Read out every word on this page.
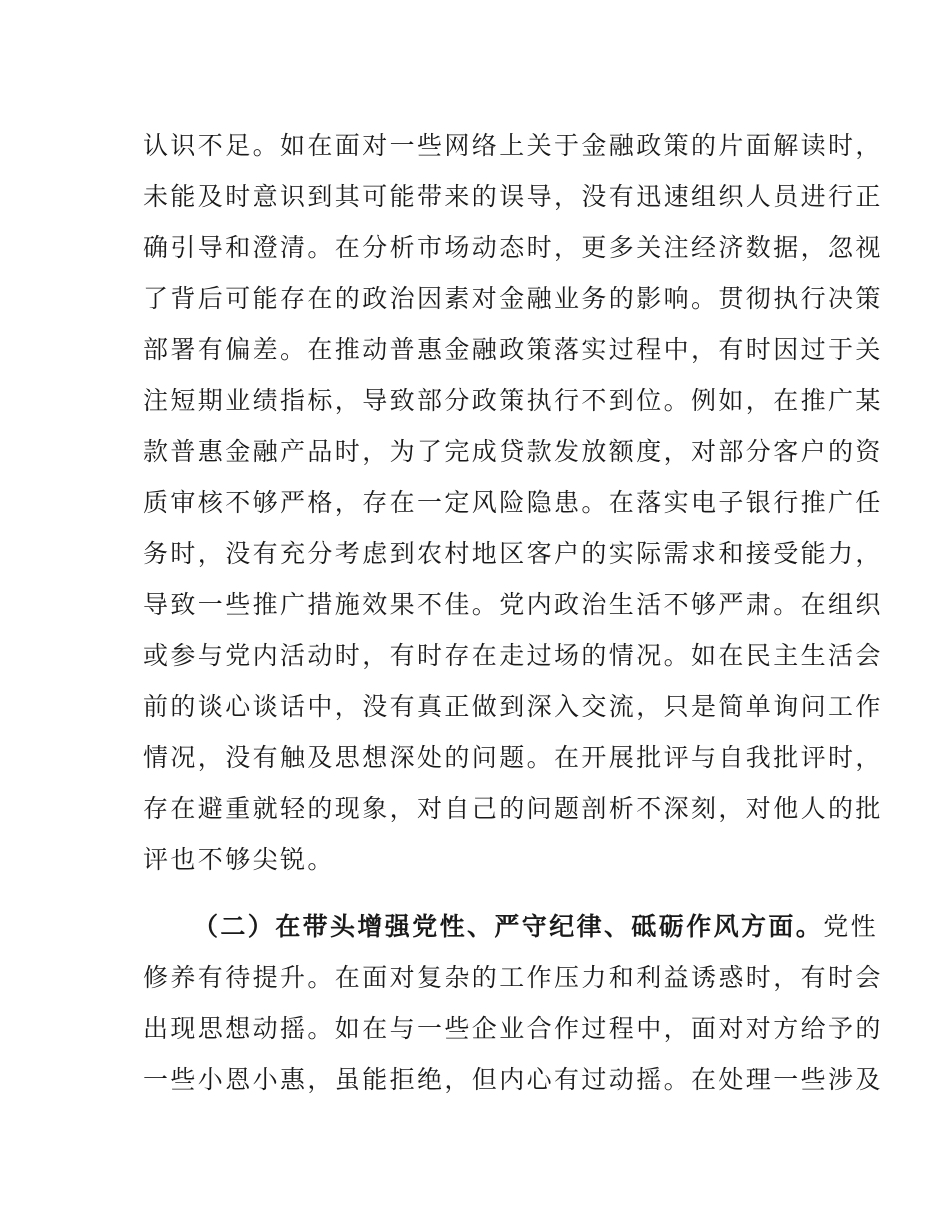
认识不足。如在面对一些网络上关于金融政策的片面解读时，
未能及时意识到其可能带来的误导，没有迅速组织人员进行正
确引导和澄清。在分析市场动态时，更多关注经济数据，忽视
了背后可能存在的政治因素对金融业务的影响。贯彻执行决策
部署有偏差。在推动普惠金融政策落实过程中，有时因过于关
注短期业绩指标，导致部分政策执行不到位。例如，在推广某
款普惠金融产品时，为了完成贷款发放额度，对部分客户的资
质审核不够严格，存在一定风险隐患。在落实电子银行推广任
务时，没有充分考虑到农村地区客户的实际需求和接受能力，
导致一些推广措施效果不佳。党内政治生活不够严肃。在组织
或参与党内活动时，有时存在走过场的情况。如在民主生活会
前的谈心谈话中，没有真正做到深入交流，只是简单询问工作
情况，没有触及思想深处的问题。在开展批评与自我批评时，
存在避重就轻的现象，对自己的问题剖析不深刻，对他人的批
评也不够尖锐。
（二）在带头增强党性、严守纪律、砥砺作风方面。党性
修养有待提升。在面对复杂的工作压力和利益诱惑时，有时会
出现思想动摇。如在与一些企业合作过程中，面对对方给予的
一些小恩小惠，虽能拒绝，但内心有过动摇。在处理一些涉及
